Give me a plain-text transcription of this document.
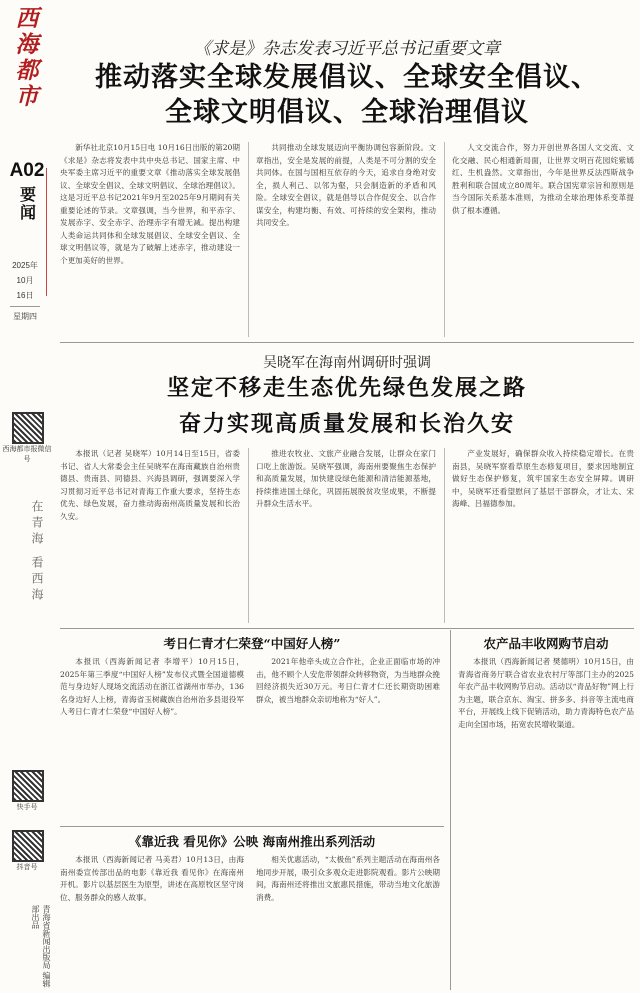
西
海
都
市
A02
要闻
2025年
10月
16日
星期四
西海都市报微信号
在青海 看西海
快手号
抖音号
青海省新闻出版局 编辑部出品
《求是》杂志发表习近平总书记重要文章
推动落实全球发展倡议、全球安全倡议、
全球文明倡议、全球治理倡议
新华社北京10月15日电 10月16日出版的第20期《求是》杂志将发表中共中央总书记、国家主席、中央军委主席习近平的重要文章《推动落实全球发展倡议、全球安全倡议、全球文明倡议、全球治理倡议》。这是习近平总书记2021年9月至2025年9月期间有关重要论述的节录。文章强调，当今世界，和平赤字、发展赤字、安全赤字、治理赤字有增无减。提出构建人类命运共同体和全球发展倡议、全球安全倡议、全球文明倡议等，就是为了破解上述赤字，推动建设一个更加美好的世界。
共同推动全球发展迈向平衡协调包容新阶段。文章指出，安全是发展的前提，人类是不可分割的安全共同体。在国与国相互依存的今天，追求自身绝对安全，损人利己、以邻为壑，只会制造新的矛盾和风险。全球安全倡议，就是倡导以合作促安全、以合作谋安全，构建均衡、有效、可持续的安全架构，推动共同安全。
人文交流合作，努力开创世界各国人文交流、文化交融、民心相通新局面，让世界文明百花园姹紫嫣红、生机盎然。文章指出，今年是世界反法西斯战争胜利和联合国成立80周年。联合国宪章宗旨和原则是当今国际关系基本准则，为推动全球治理体系变革提供了根本遵循。
吴晓军在海南州调研时强调
坚定不移走生态优先绿色发展之路
奋力实现高质量发展和长治久安
本报讯（记者 吴晓军）10月14日至15日，省委书记、省人大常委会主任吴晓军在海南藏族自治州贵德县、贵南县、同德县、兴海县调研，强调要深入学习贯彻习近平总书记对青海工作重大要求，坚持生态优先、绿色发展，奋力推动海南州高质量发展和长治久安。
推进农牧业、文旅产业融合发展，让群众在家门口吃上旅游饭。吴晓军强调，海南州要聚焦生态保护和高质量发展，加快建设绿色能源和清洁能源基地，持续推进国土绿化，巩固拓展脱贫攻坚成果，不断提升群众生活水平。
产业发展好，确保群众收入持续稳定增长。在贵南县，吴晓军察看草原生态修复项目，要求因地制宜做好生态保护修复，筑牢国家生态安全屏障。调研中，吴晓军还看望慰问了基层干部群众，才让太、宋海峰、吕福德参加。
考日仁青才仁荣登“中国好人榜”
本报讯（西海新闻记者 李增平）10月15日，2025年第三季度“中国好人榜”发布仪式暨全国道德模范与身边好人现场交流活动在浙江省湖州市举办，136名身边好人上榜，青海省玉树藏族自治州治多县退役军人考日仁青才仁荣登“中国好人榜”。
2021年他牵头成立合作社，企业正面临市场的冲击，他不顾个人安危带领群众转移物资，为当地群众挽回经济损失近30万元。考日仁青才仁还长期资助困难群众，被当地群众亲切地称为“好人”。
农产品丰收网购节启动
本报讯（西海新闻记者 樊德明）10月15日，由青海省商务厅联合省农业农村厅等部门主办的2025年农产品丰收网购节启动。活动以“青品好物”网上行为主题，联合京东、淘宝、拼多多、抖音等主流电商平台，开展线上线下促销活动，助力青海特色农产品走向全国市场，拓宽农民增收渠道。
《靠近我 看见你》公映 海南州推出系列活动
本报讯（西海新闻记者 马美君）10月13日，由海南州委宣传部出品的电影《靠近我 看见你》在海南州开机。影片以基层医生为原型，讲述在高原牧区坚守岗位、服务群众的感人故事。
相关优惠活动，“太极鱼”系列主题活动在海南州各地同步开展，吸引众多观众走进影院观看。影片公映期间，海南州还将推出文旅惠民措施，带动当地文化旅游消费。
